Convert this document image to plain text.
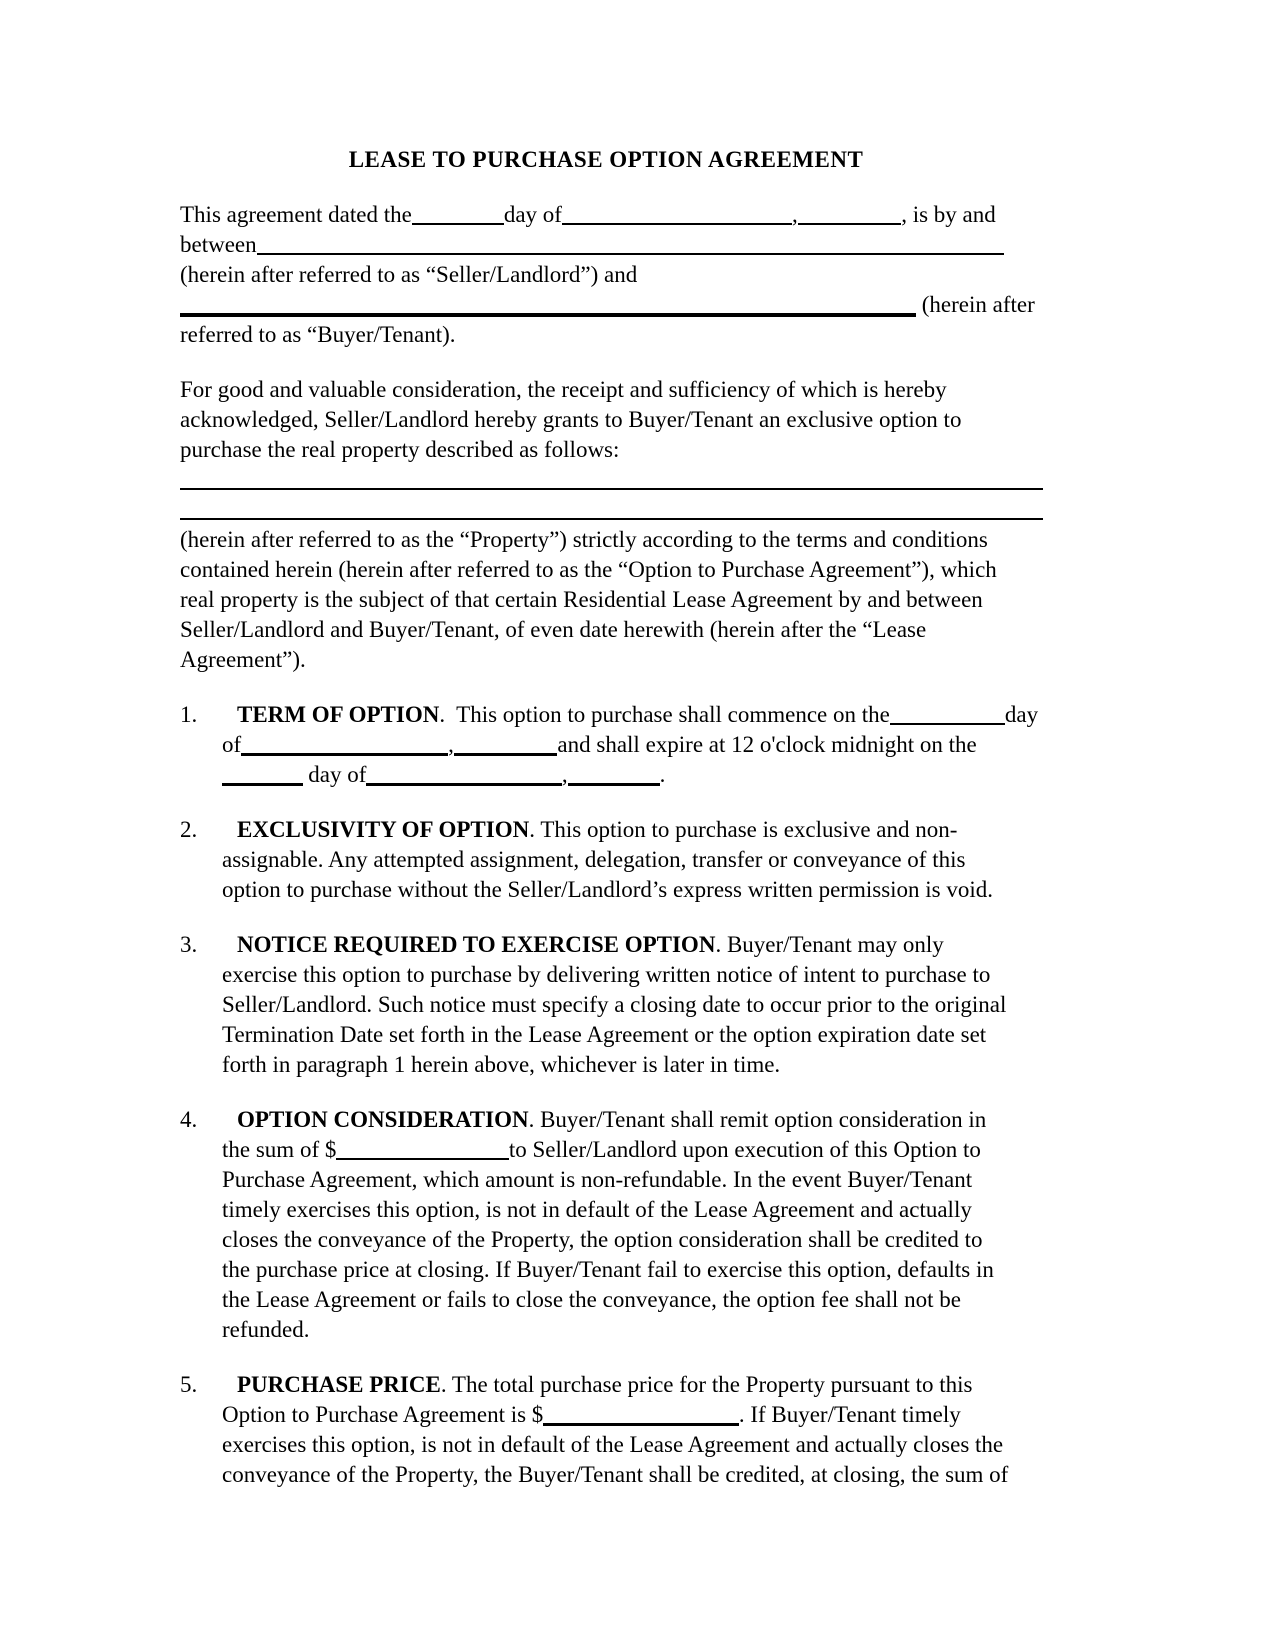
LEASE TO PURCHASE OPTION AGREEMENT
This agreement dated the	day of	,	, is by and
between
(herein after referred to as “Seller/Landlord”) and
(herein after
referred to as “Buyer/Tenant).
For good and valuable consideration, the receipt and sufficiency of which is hereby
acknowledged, Seller/Landlord hereby grants to Buyer/Tenant an exclusive option to
purchase the real property described as follows:
(herein after referred to as the “Property”) strictly according to the terms and conditions
contained herein (herein after referred to as the “Option to Purchase Agreement”), which
real property is the subject of that certain Residential Lease Agreement by and between
Seller/Landlord and Buyer/Tenant, of even date herewith (herein after the “Lease
Agreement”).
1. TERM OF OPTION.  This option to purchase shall commence on the	day
of	,	and shall expire at 12 o'clock midnight on the
day of	,	.
2. EXCLUSIVITY OF OPTION. This option to purchase is exclusive and non-
assignable. Any attempted assignment, delegation, transfer or conveyance of this
option to purchase without the Seller/Landlord’s express written permission is void.
3. NOTICE REQUIRED TO EXERCISE OPTION. Buyer/Tenant may only
exercise this option to purchase by delivering written notice of intent to purchase to
Seller/Landlord. Such notice must specify a closing date to occur prior to the original
Termination Date set forth in the Lease Agreement or the option expiration date set
forth in paragraph 1 herein above, whichever is later in time.
4. OPTION CONSIDERATION. Buyer/Tenant shall remit option consideration in
the sum of $	to Seller/Landlord upon execution of this Option to
Purchase Agreement, which amount is non-refundable. In the event Buyer/Tenant
timely exercises this option, is not in default of the Lease Agreement and actually
closes the conveyance of the Property, the option consideration shall be credited to
the purchase price at closing. If Buyer/Tenant fail to exercise this option, defaults in
the Lease Agreement or fails to close the conveyance, the option fee shall not be
refunded.
5. PURCHASE PRICE. The total purchase price for the Property pursuant to this
Option to Purchase Agreement is $	. If Buyer/Tenant timely
exercises this option, is not in default of the Lease Agreement and actually closes the
conveyance of the Property, the Buyer/Tenant shall be credited, at closing, the sum of
